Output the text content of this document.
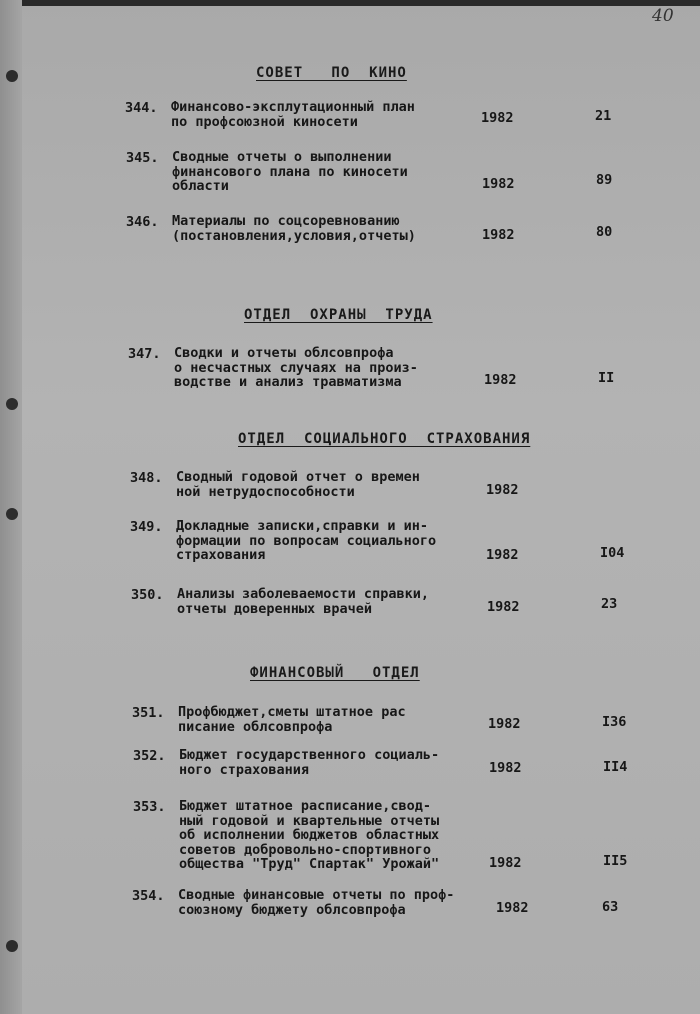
40
СОВЕТ   ПО  КИНО
344. Финансово-эксплутационный план
по профсоюзной киносети	1982	21
345. Сводные отчеты о выполнении
финансового плана по киносети
области	1982	89
346. Материалы по соцсоревнованию
(постановления,условия,отчеты)	1982	80
ОТДЕЛ  ОХРАНЫ  ТРУДА
347. Сводки и отчеты облсовпрофа
о несчастных случаях на произ-
водстве и анализ травматизма	1982	II
ОТДЕЛ  СОЦИАЛЬНОГО  СТРАХОВАНИЯ
348. Сводный годовой отчет о времен
ной нетрудоспособности	1982
349. Докладные записки,справки и ин-
формации по вопросам социального
страхования	1982	I04
350. Анализы заболеваемости справки,
отчеты доверенных врачей	1982	23
ФИНАНСОВЫЙ   ОТДЕЛ
351. Профбюджет,сметы штатное рас
писание облсовпрофа	1982	I36
352. Бюджет государственного социаль-
ного страхования	1982	II4
353. Бюджет штатное расписание,свод-
ный годовой и квартельные отчеты
об исполнении бюджетов областных
советов добровольно-спортивного
общества "Труд" Спартак" Урожай"	1982	II5
354. Сводные финансовые отчеты по проф-
союзному бюджету облсовпрофа	1982	63
